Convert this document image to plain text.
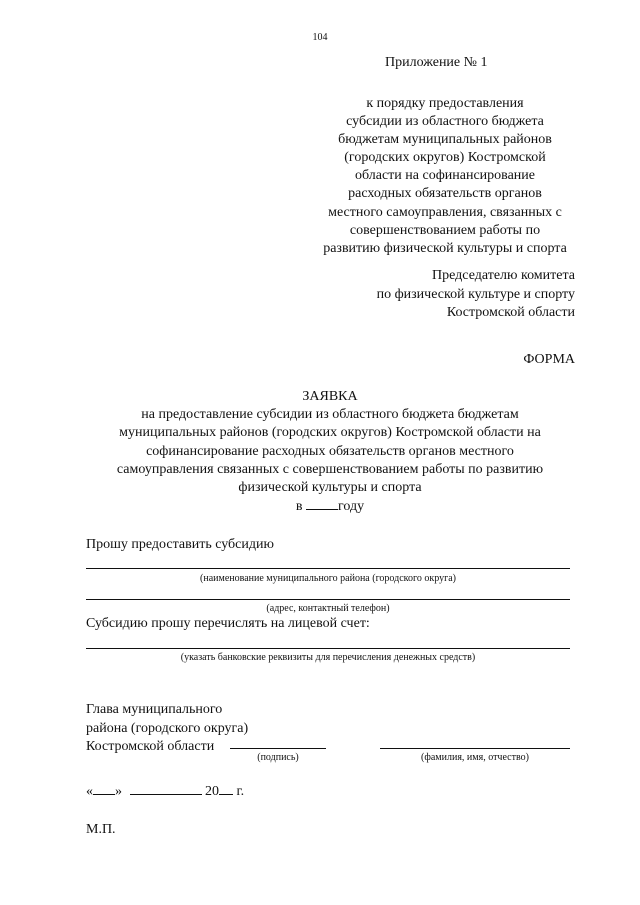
104
Приложение № 1
к порядку предоставления
субсидии из областного бюджета
бюджетам муниципальных районов
(городских округов) Костромской
области на софинансирование
расходных обязательств органов
местного самоуправления, связанных с
совершенствованием работы по
развитию физической культуры и спорта
Председателю комитета
по физической культуре и спорту
Костромской области
ФОРМА
ЗАЯВКА
на предоставление субсидии из областного бюджета бюджетам
муниципальных районов (городских округов) Костромской области на
софинансирование расходных обязательств органов местного
самоуправления связанных с совершенствованием работы по развитию
физической культуры и спорта
в	году
Прошу предоставить субсидию
(наименование муниципального района (городского округа)
(адрес, контактный телефон)
Субсидию прошу перечислять на лицевой счет:
(указать банковские реквизиты для перечисления денежных средств)
Глава муниципального
района (городского округа)
Костромской области
(подпись)	(фамилия, имя, отчество)
« »	20 г.
М.П.
